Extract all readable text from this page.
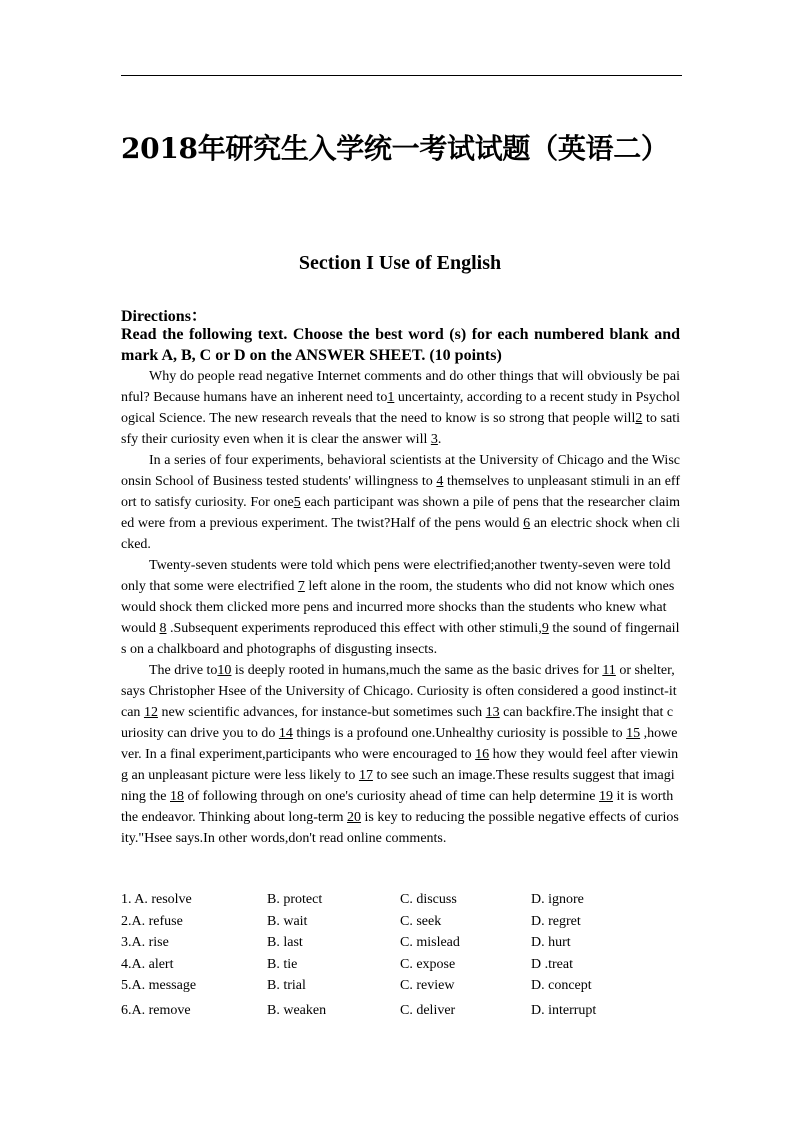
2018年研究生入学统一考试试题（英语二）
Section I Use of English
Directions：
Read the following text. Choose the best word (s) for each numbered blank and mark A, B, C or D on the ANSWER SHEET. (10 points)

Why do people read negative Internet comments and do other things that will obviously be painful? Because humans have an inherent need to1 uncertainty, according to a recent study in Psychological Science. The new research reveals that the need to know is so strong that people will2 to satisfy their curiosity even when it is clear the answer will 3.

In a series of four experiments, behavioral scientists at the University of Chicago and the Wisconsin School of Business tested students' willingness to 4 themselves to unpleasant stimuli in an effort to satisfy curiosity. For one5 each participant was shown a pile of pens that the researcher claimed were from a previous experiment. The twist?Half of the pens would 6 an electric shock when clicked.

Twenty-seven students were told which pens were electrified;another twenty-seven were told only that some were electrified 7 left alone in the room, the students who did not know which ones would shock them clicked more pens and incurred more shocks than the students who knew what would 8 .Subsequent experiments reproduced this effect with other stimuli,9 the sound of fingernails on a chalkboard and photographs of disgusting insects.

The drive to10 is deeply rooted in humans,much the same as the basic drives for 11 or shelter,says Christopher Hsee of the University of Chicago. Curiosity is often considered a good instinct-it can 12 new scientific advances, for instance-but sometimes such 13 can backfire.The insight that curiosity can drive you to do 14 things is a profound one.Unhealthy curiosity is possible to 15 ,however. In a final experiment,participants who were encouraged to 16 how they would feel after viewing an unpleasant picture were less likely to 17 to see such an image.These results suggest that imagining the 18 of following through on one's curiosity ahead of time can help determine 19 it is worth the endeavor. Thinking about long-term 20 is key to reducing the possible negative effects of curiosity."Hsee says.In other words,don't read online comments.

1. A. resolve	B. protect	C. discuss	D. ignore
2.A. refuse	B. wait	C. seek	D. regret
3.A. rise	B. last	C. mislead	D. hurt
4.A. alert	B. tie	C. expose	D .treat
5.A. message	B. trial	C. review	D. concept
6.A. remove	B. weaken	C. deliver	D. interrupt
